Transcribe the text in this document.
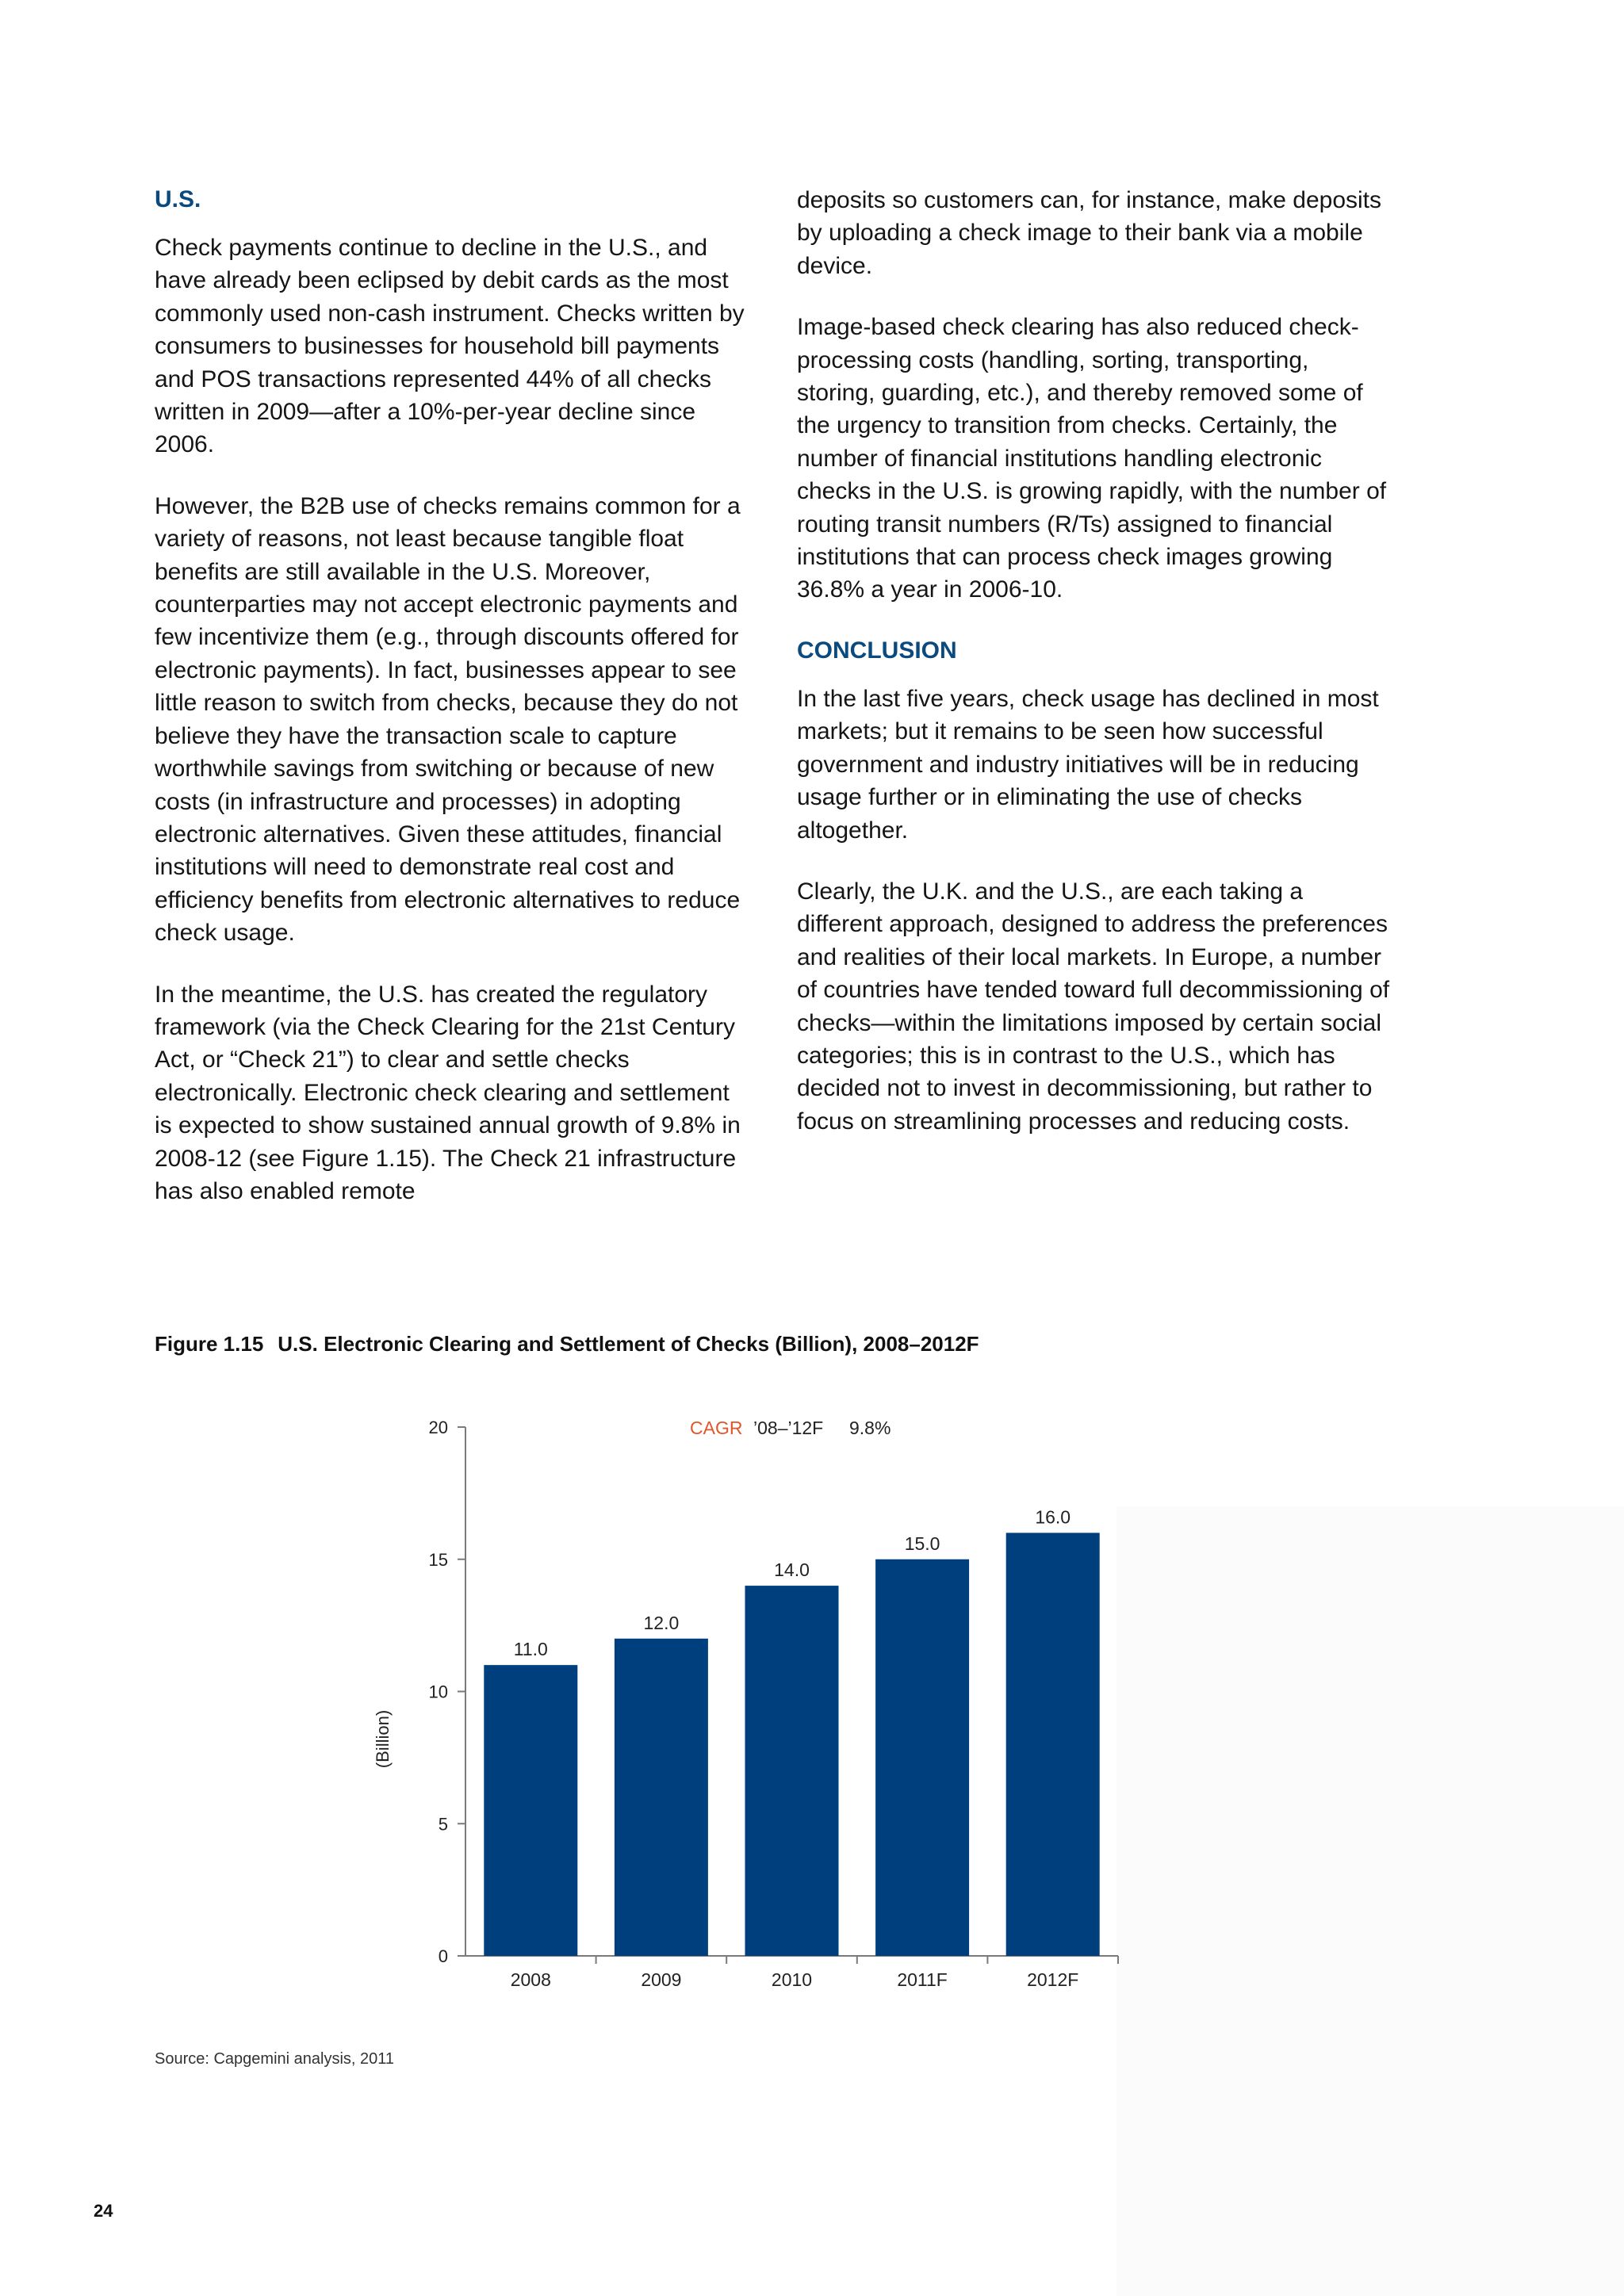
U.S.

Check payments continue to decline in the U.S., and have already been eclipsed by debit cards as the most commonly used non-cash instrument. Checks written by consumers to businesses for household bill payments and POS transactions represented 44% of all checks written in 2009—after a 10%-per-year decline since 2006.

However, the B2B use of checks remains common for a variety of reasons, not least because tangible float benefits are still available in the U.S. Moreover, counterparties may not accept electronic payments and few incentivize them (e.g., through discounts offered for electronic payments). In fact, businesses appear to see little reason to switch from checks, because they do not believe they have the transaction scale to capture worthwhile savings from switching or because of new costs (in infrastructure and processes) in adopting electronic alternatives. Given these attitudes, financial institutions will need to demonstrate real cost and efficiency benefits from electronic alternatives to reduce check usage.

In the meantime, the U.S. has created the regulatory framework (via the Check Clearing for the 21st Century Act, or “Check 21”) to clear and settle checks electronically. Electronic check clearing and settlement is expected to show sustained annual growth of 9.8% in 2008-12 (see Figure 1.15). The Check 21 infrastructure has also enabled remote

deposits so customers can, for instance, make deposits by uploading a check image to their bank via a mobile device.

Image-based check clearing has also reduced check-processing costs (handling, sorting, transporting, storing, guarding, etc.), and thereby removed some of the urgency to transition from checks. Certainly, the number of financial institutions handling electronic checks in the U.S. is growing rapidly, with the number of routing transit numbers (R/Ts) assigned to financial institutions that can process check images growing 36.8% a year in 2006-10.

CONCLUSION

In the last five years, check usage has declined in most markets; but it remains to be seen how successful government and industry initiatives will be in reducing usage further or in eliminating the use of checks altogether.

Clearly, the U.K. and the U.S., are each taking a different approach, designed to address the preferences and realities of their local markets. In Europe, a number of countries have tended toward full decommissioning of checks—within the limitations imposed by certain social categories; this is in contrast to the U.S., which has decided not to invest in decommissioning, but rather to focus on streamlining processes and reducing costs.

Figure 1.15 U.S. Electronic Clearing and Settlement of Checks (Billion), 2008–2012F
0
5
10
15
20
(Billion)
11.0
2008
12.0
2009
14.0
2010
15.0
2011F
16.0
2012F
CAGR ’08–’12F 9.8%
Source: Capgemini analysis, 2011
24
